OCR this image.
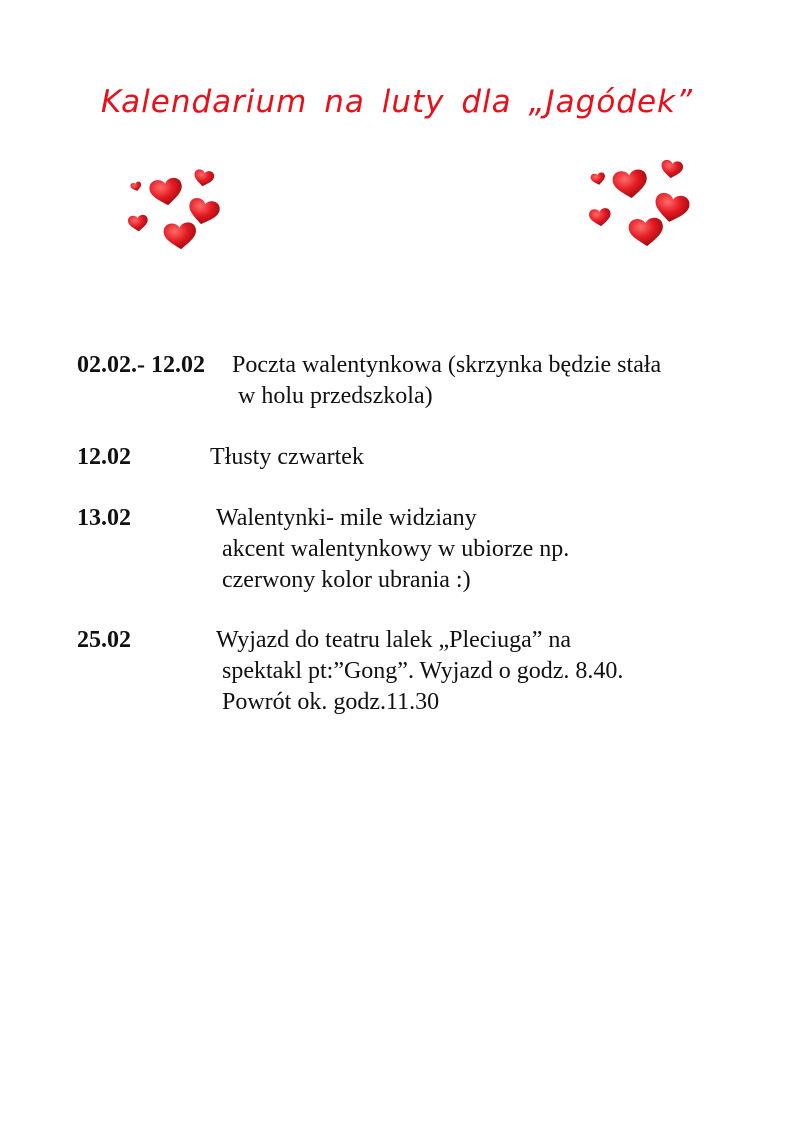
Kalendarium na luty dla „Jagódek”
02.02.- 12.02 Poczta walentynkowa (skrzynka będzie stała
w holu przedszkola)
12.02	Tłusty czwartek
13.02	Walentynki- mile widziany
akcent walentynkowy w ubiorze np.
czerwony kolor ubrania :)
25.02	Wyjazd do teatru lalek „Pleciuga” na
spektakl pt:”Gong”. Wyjazd o godz. 8.40.
Powrót ok. godz.11.30
